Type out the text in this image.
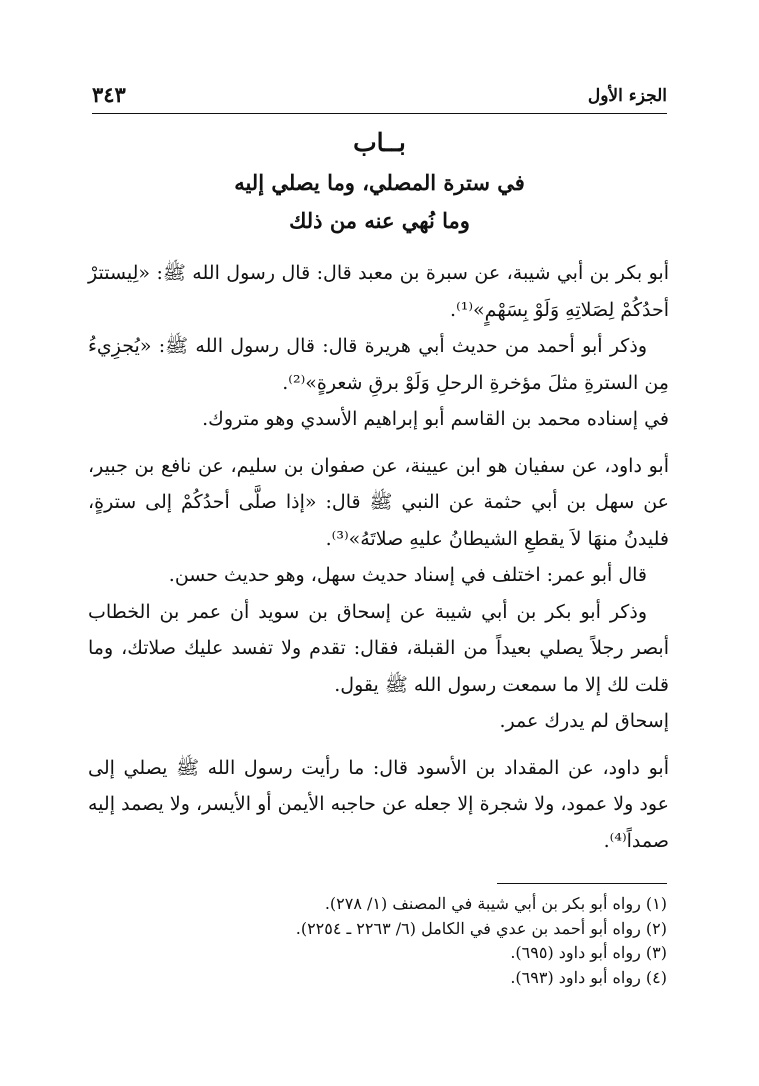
الجزء الأول
٣٤٣
بــاب
في سترة المصلي، وما يصلي إليه
وما نُهي عنه من ذلك

أبو بكر بن أبي شيبة، عن سبرة بن معبد قال: قال رسول الله ﷺ: «لِيستترْ أحدُكُمْ لِصَلاتِهِ وَلَوْ بِسَهْمٍ»⁽¹⁾.

وذكر أبو أحمد من حديث أبي هريرة قال: قال رسول الله ﷺ: «يُجزِيءُ مِن السترةِ مثلَ مؤخرةِ الرحلِ وَلَوْ برقِ شعرةٍ»⁽²⁾.

في إسناده محمد بن القاسم أبو إبراهيم الأسدي وهو متروك.

أبو داود، عن سفيان هو ابن عيينة، عن صفوان بن سليم، عن نافع بن جبير، عن سهل بن أبي حثمة عن النبي ﷺ قال: «إذا صلَّى أحدُكُمْ إلى سترةٍ، فليدنُ منهَا لاَ يقطعِ الشيطانُ عليهِ صلاتَهُ»⁽³⁾.

قال أبو عمر: اختلف في إسناد حديث سهل، وهو حديث حسن.

وذكر أبو بكر بن أبي شيبة عن إسحاق بن سويد أن عمر بن الخطاب أبصر رجلاً يصلي بعيداً من القبلة، فقال: تقدم ولا تفسد عليك صلاتك، وما قلت لك إلا ما سمعت رسول الله ﷺ يقول.

إسحاق لم يدرك عمر.

أبو داود، عن المقداد بن الأسود قال: ما رأيت رسول الله ﷺ يصلي إلى عود ولا عمود، ولا شجرة إلا جعله عن حاجبه الأيمن أو الأيسر، ولا يصمد إليه صمداً⁽⁴⁾.

(١) رواه أبو بكر بن أبي شيبة في المصنف (١/ ٢٧٨).

(٢) رواه أبو أحمد بن عدي في الكامل (٦/ ٢٢٦٣ ـ ٢٢٥٤).

(٣) رواه أبو داود (٦٩٥).

(٤) رواه أبو داود (٦٩٣).
